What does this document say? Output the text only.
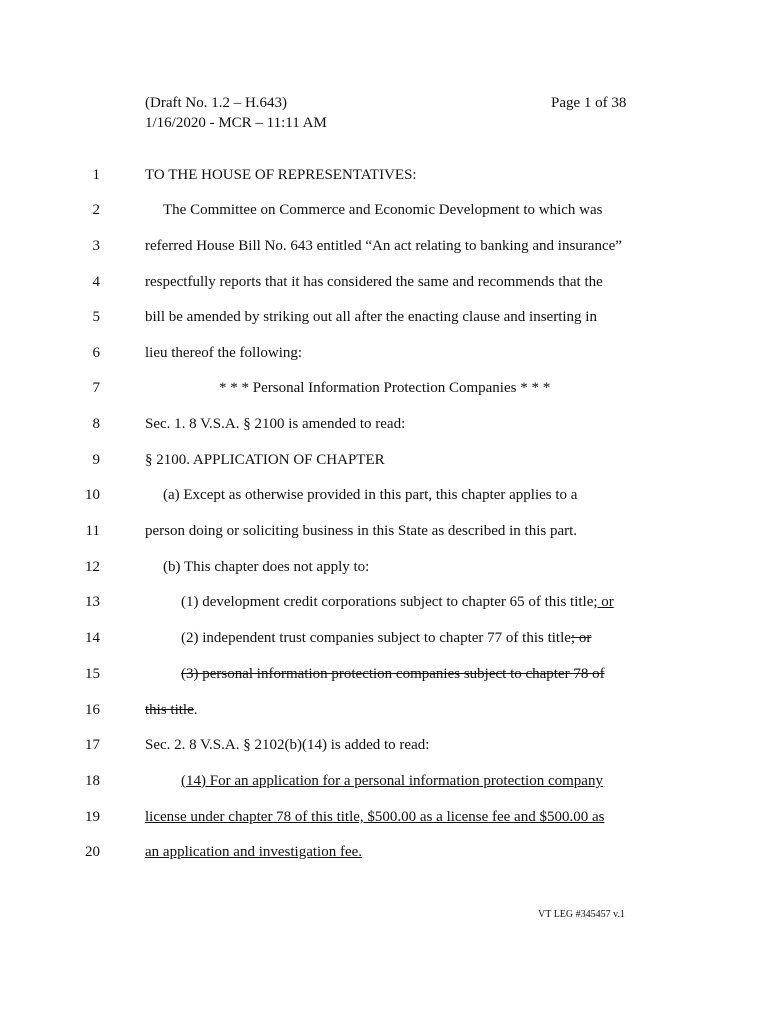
(Draft No. 1.2 – H.643)
1/16/2020 - MCR – 11:11 AM
Page 1 of 38
1	TO THE HOUSE OF REPRESENTATIVES:
2	The Committee on Commerce and Economic Development to which was
3	referred House Bill No. 643 entitled “An act relating to banking and insurance”
4	respectfully reports that it has considered the same and recommends that the
5	bill be amended by striking out all after the enacting clause and inserting in
6	lieu thereof the following:
7	* * * Personal Information Protection Companies * * *
8	Sec. 1. 8 V.S.A. § 2100 is amended to read:
9	§ 2100. APPLICATION OF CHAPTER
10	(a) Except as otherwise provided in this part, this chapter applies to a
11	person doing or soliciting business in this State as described in this part.
12	(b) This chapter does not apply to:
13	(1) development credit corporations subject to chapter 65 of this title; or
14	(2) independent trust companies subject to chapter 77 of this title; or
15	(3) personal information protection companies subject to chapter 78 of
16	this title.
17	Sec. 2. 8 V.S.A. § 2102(b)(14) is added to read:
18	(14) For an application for a personal information protection company
19	license under chapter 78 of this title, $500.00 as a license fee and $500.00 as
20	an application and investigation fee.
VT LEG #345457 v.1
